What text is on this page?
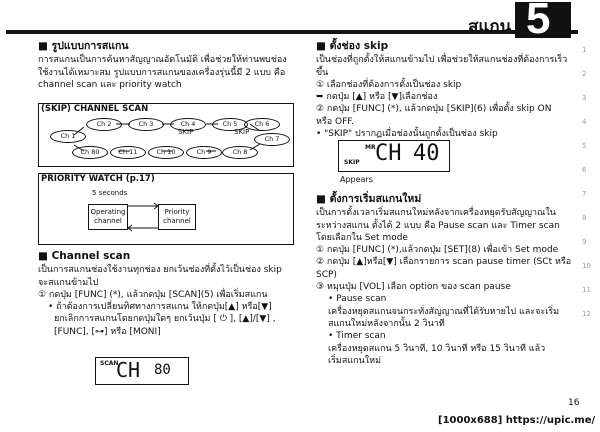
สแกน 5
1
2
3
4
5
6
7
8
9
10
11
12
■ รูปแบบการสแกน

การสแกนเป็นการค้นหาสัญญาณอัตโนมัติ เพื่อช่วยให้ท่านพบช่อง

ใช้งานได้เหมาะสม รูปแบบการสแกนของเครื่องรุ่นนี้มี 2 แบบ คือ

channel scan และ priority watch

(SKIP) CHANNEL SCAN
Ch 1
Ch 2	Ch 3	Ch 4	Ch 5	Ch 6
Ch 7
Ch 80	Ch 11	Ch 10	Ch 9	Ch 8
SKIP	SKIP
PRIORITY WATCH (p.17)
5 seconds
Operating channel
Priority channel
■ Channel scan

เป็นการสแกนช่องใช้งานทุกช่อง ยกเว้นช่องที่ตั้งไว้เป็นช่อง skip

จะสแกนข้ามไป

① กดปุ่ม [FUNC] (*), แล้วกดปุ่ม [SCAN](5) เพื่อเริ่มสแกน

• ถ้าต้องการเปลี่ยนทิศทางการสแกน ให้กดปุ่ม[▲] หรือ[▼]

ยกเลิกการสแกนโดยกดปุ่มใดๆ ยกเว้นปุ่ม [ ⏻ ], [▲]/[▼] ,

[FUNC], [⊶] หรือ [MONI]

SCAN
CH 80
■ ตั้งช่อง skip

เป็นช่องที่ถูกตั้งให้สแกนข้ามไป เพื่อช่วยให้สแกนช่องที่ต้องการเร็วขึ้น

① เลือกช่องที่ต้องการตั้งเป็นช่อง skip

➥ กดปุ่ม [▲] หรือ [▼]เลือกช่อง

② กดปุ่ม [FUNC] (*), แล้วกดปุ่ม [SKIP](6) เพื่อตั้ง skip ON

หรือ OFF.

• "SKIP" ปรากฏเมื่อช่องนั้นถูกตั้งเป็นช่อง skip

SKIP
MR CH 40
Appears
■ ตั้งการเริ่มสแกนใหม่

เป็นการตั้งเวลาเริ่มสแกนใหม่หลังจากเครื่องหยุดรับสัญญาณใน

ระหว่างสแกน ตั้งได้ 2 แบบ คือ Pause scan และ Timer scan

โดยเลือกใน Set mode

① กดปุ่ม [FUNC] (*),แล้วกดปุ่ม [SET](8) เพื่อเข้า Set mode

② กดปุ่ม [▲]หรือ[▼] เลือกรายการ scan pause timer (SCt หรือ SCP)

③ หมุนปุ่ม [VOL] เลือก option ของ scan pause

• Pause scan

เครื่องหยุดสแกนจนกระทั่งสัญญาณที่ได้รับหายไป และจะเริ่ม

สแกนใหม่หลังจากนั้น 2 วินาที

• Timer scan

เครื่องหยุดสแกน 5 วินาที, 10 วินาที หรือ 15 วินาที แล้ว

เริ่มสแกนใหม่

16
[1000x688] https://upic.me/
